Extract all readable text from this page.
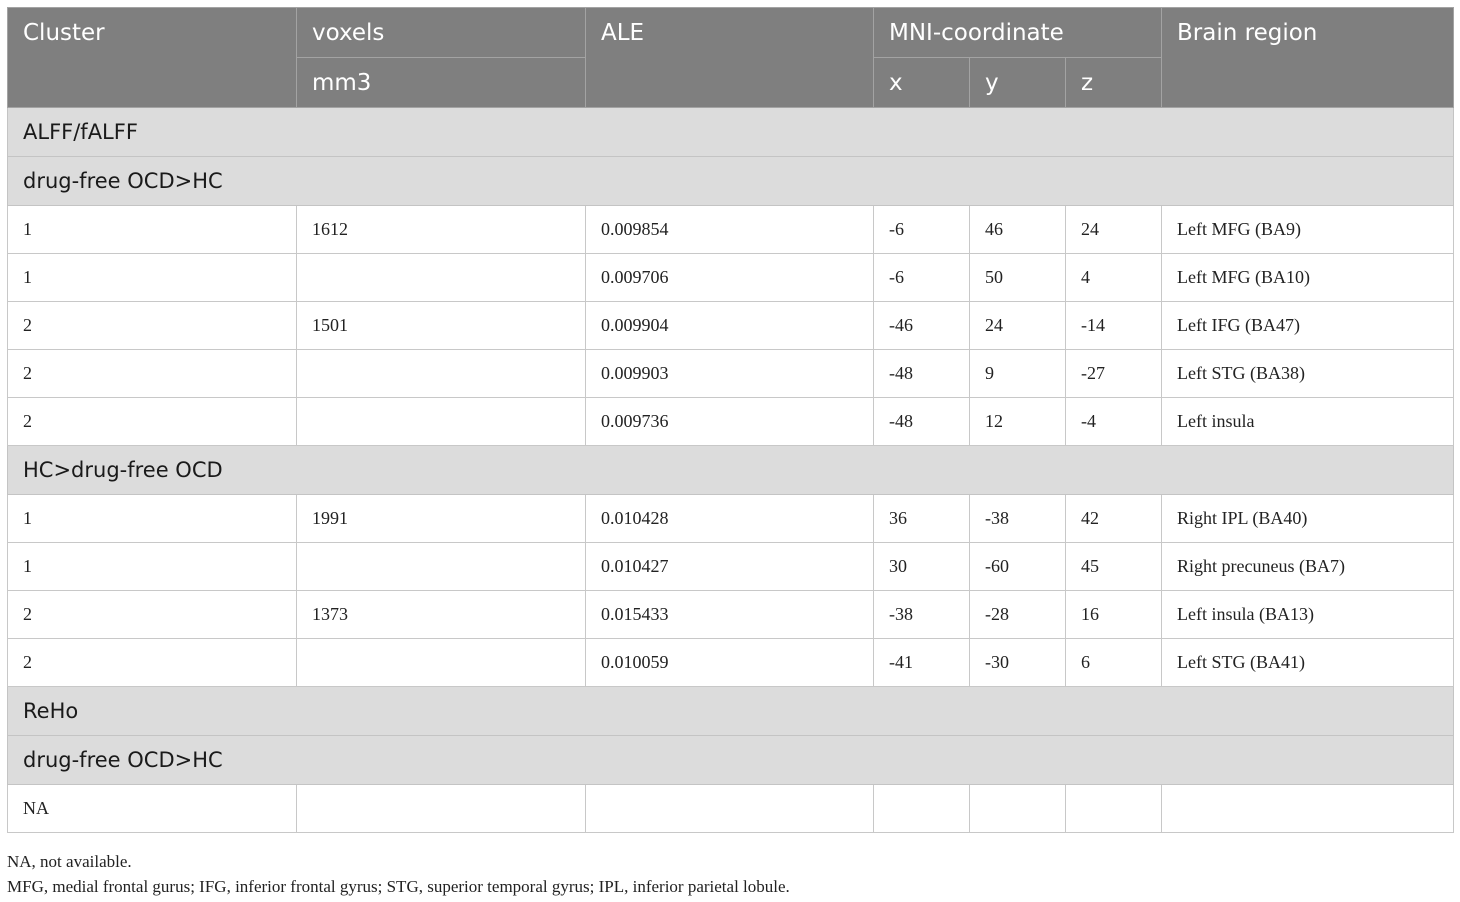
Cluster	voxels	ALE	MNI-coordinate			Brain region
	mm3		x	y	z	
ALFF/fALFF						
drug-free OCD>HC						
1	1612	0.009854	-6	46	24	Left MFG (BA9)
1		0.009706	-6	50	4	Left MFG (BA10)
2	1501	0.009904	-46	24	-14	Left IFG (BA47)
2		0.009903	-48	9	-27	Left STG (BA38)
2		0.009736	-48	12	-4	Left insula
HC>drug-free OCD						
1	1991	0.010428	36	-38	42	Right IPL (BA40)
1		0.010427	30	-60	45	Right precuneus (BA7)
2	1373	0.015433	-38	-28	16	Left insula (BA13)
2		0.010059	-41	-30	6	Left STG (BA41)
ReHo						
drug-free OCD>HC						
NA						
NA, not available.
MFG, medial frontal gurus; IFG, inferior frontal gyrus; STG, superior temporal gyrus; IPL, inferior parietal lobule.
